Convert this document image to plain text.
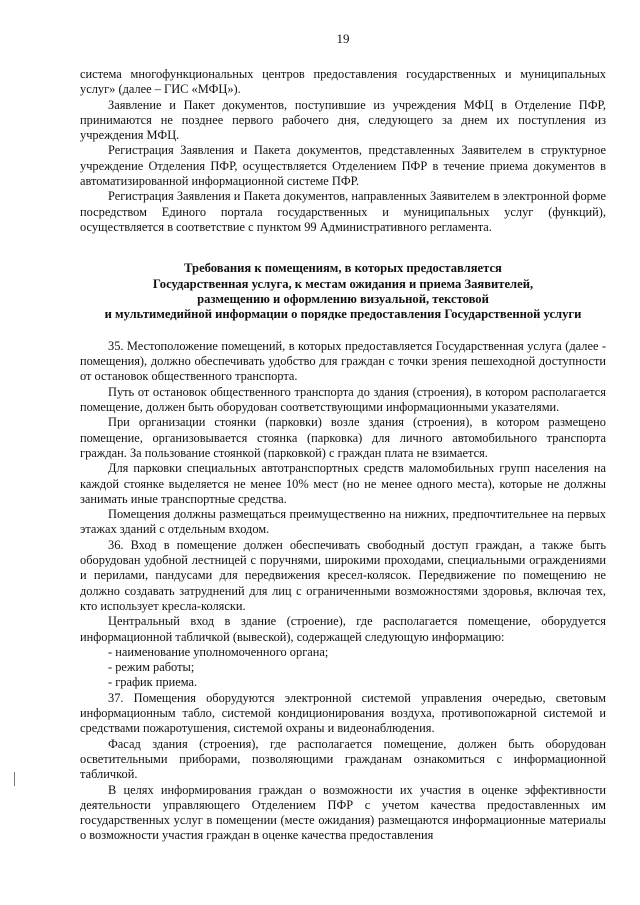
19

система многофункциональных центров предоставления государственных и муниципальных услуг» (далее – ГИС «МФЦ»).

Заявление и Пакет документов, поступившие из учреждения МФЦ в Отделение ПФР, принимаются не позднее первого рабочего дня, следующего за днем их поступления из учреждения МФЦ.

Регистрация Заявления и Пакета документов, представленных Заявителем в структурное учреждение Отделения ПФР, осуществляется Отделением ПФР в течение приема документов в автоматизированной информационной системе ПФР.

Регистрация Заявления и Пакета документов, направленных Заявителем в электронной форме посредством Единого портала государственных и муниципальных услуг (функций), осуществляется в соответствие с пунктом 99 Административного регламента.

Требования к помещениям, в которых предоставляется
Государственная услуга, к местам ожидания и приема Заявителей,
размещению и оформлению визуальной, текстовой
и мультимедийной информации о порядке предоставления Государственной услуги

35. Местоположение помещений, в которых предоставляется Государственная услуга (далее - помещения), должно обеспечивать удобство для граждан с точки зрения пешеходной доступности от остановок общественного транспорта.

Путь от остановок общественного транспорта до здания (строения), в котором располагается помещение, должен быть оборудован соответствующими информационными указателями.

При организации стоянки (парковки) возле здания (строения), в котором размещено помещение, организовывается стоянка (парковка) для личного автомобильного транспорта граждан. За пользование стоянкой (парковкой) с граждан плата не взимается.

Для парковки специальных автотранспортных средств маломобильных групп населения на каждой стоянке выделяется не менее 10% мест (но не менее одного места), которые не должны занимать иные транспортные средства.

Помещения должны размещаться преимущественно на нижних, предпочтительнее на первых этажах зданий с отдельным входом.

36. Вход в помещение должен обеспечивать свободный доступ граждан, а также быть оборудован удобной лестницей с поручнями, широкими проходами, специальными ограждениями и перилами, пандусами для передвижения кресел-колясок. Передвижение по помещению не должно создавать затруднений для лиц с ограниченными возможностями здоровья, включая тех, кто использует кресла-коляски.

Центральный вход в здание (строение), где располагается помещение, оборудуется информационной табличкой (вывеской), содержащей следующую информацию:

- наименование уполномоченного органа;

- режим работы;

- график приема.

37. Помещения оборудуются электронной системой управления очередью, световым информационным табло, системой кондиционирования воздуха, противопожарной системой и средствами пожаротушения, системой охраны и видеонаблюдения.

Фасад здания (строения), где располагается помещение, должен быть оборудован осветительными приборами, позволяющими гражданам ознакомиться с информационной табличкой.

В целях информирования граждан о возможности их участия в оценке эффективности деятельности управляющего Отделением ПФР с учетом качества предоставленных им государственных услуг в помещении (месте ожидания) размещаются информационные материалы о возможности участия граждан в оценке качества предоставления
